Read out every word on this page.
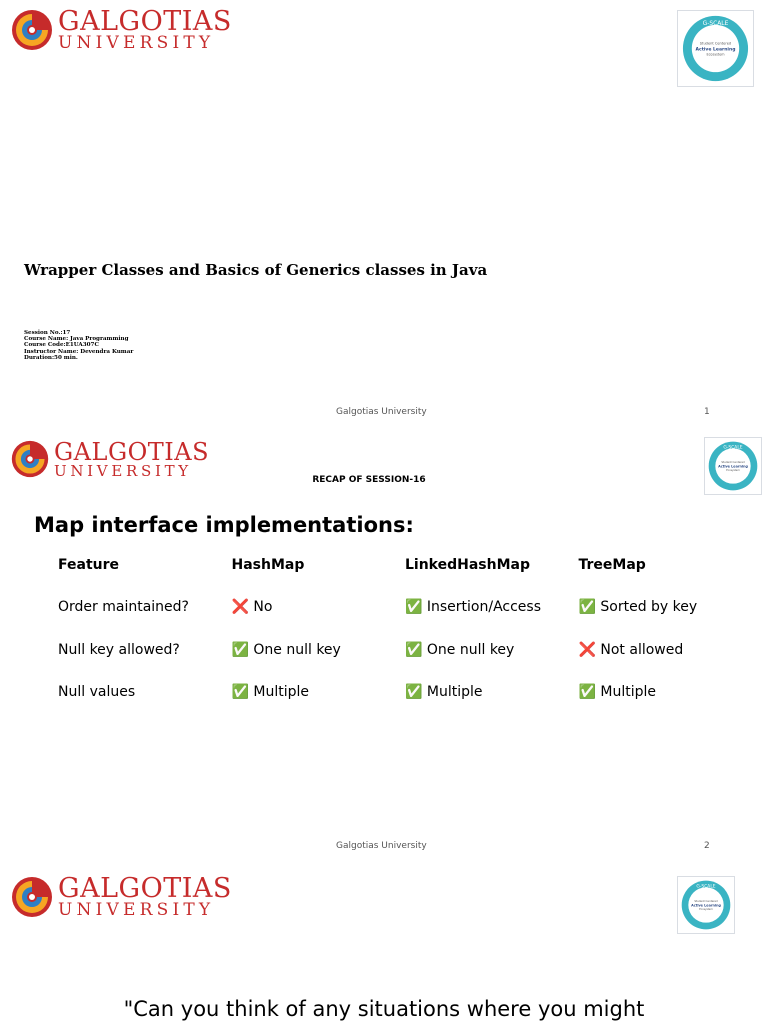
GALGOTIAS
UNIVERSITY
G-SCALE
Student Centered
Active Learning
Ecosystem
Wrapper Classes and Basics of Generics classes in Java
Session No.:17
Course Name: Java Programming
Course Code:E1UA307C
Instructor Name: Devendra Kumar
Duration:50 min.
Galgotias University	1
GALGOTIAS
UNIVERSITY
G-SCALE
Student Centered
Active Learning
Ecosystem
RECAP OF SESSION-16
Map interface implementations:
Feature	HashMap	LinkedHashMap	TreeMap
Order maintained?	❌ No	✅ Insertion/Access	✅ Sorted by key
Null key allowed?	✅ One null key	✅ One null key	❌ Not allowed
Null values	✅ Multiple	✅ Multiple	✅ Multiple
Galgotias University	2
GALGOTIAS
UNIVERSITY
G-SCALE
Student Centered
Active Learning
Ecosystem
"Can you think of any situations where you might
